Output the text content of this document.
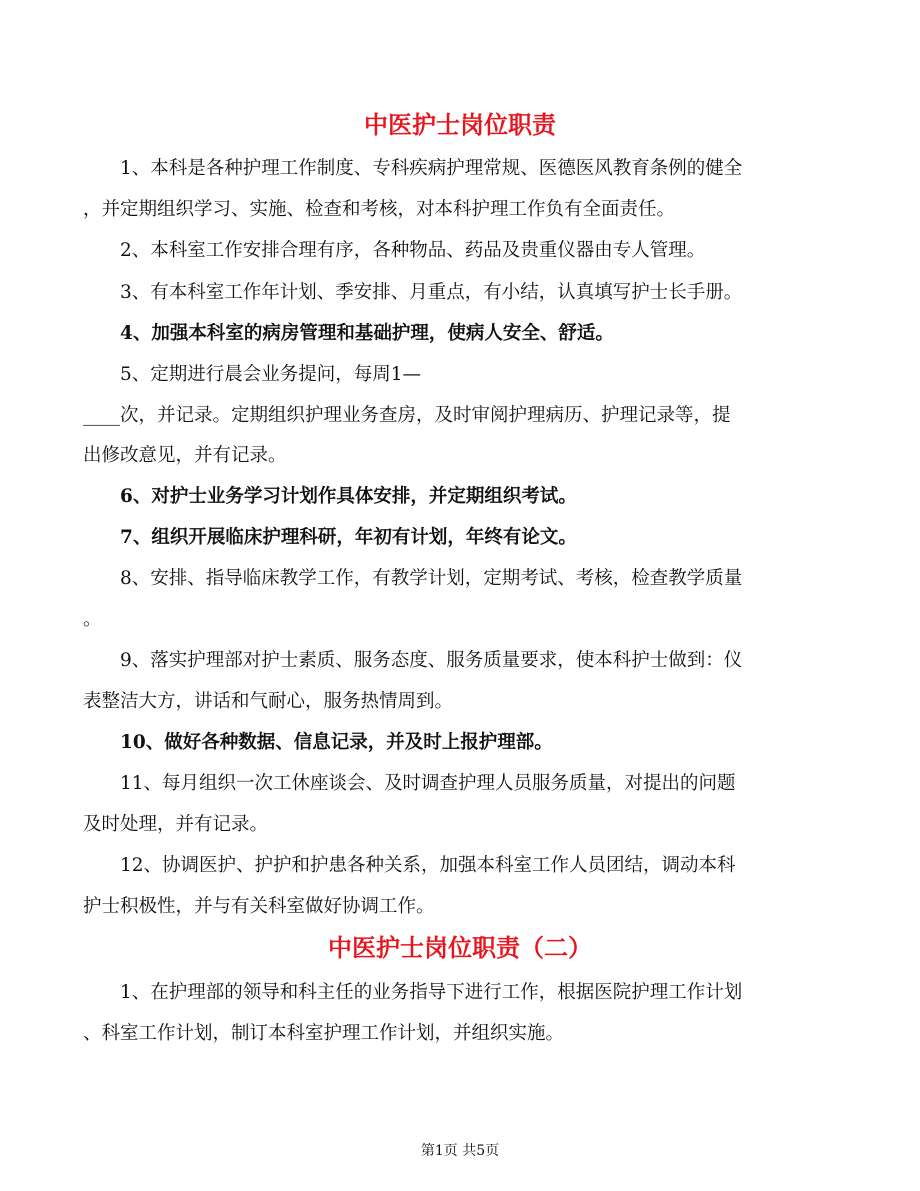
中医护士岗位职责

1、本科是各种护理工作制度、专科疾病护理常规、医德医风教育条例的健全

，并定期组织学习、实施、检查和考核，对本科护理工作负有全面责任。

2、本科室工作安排合理有序，各种物品、药品及贵重仪器由专人管理。

3、有本科室工作年计划、季安排、月重点，有小结，认真填写护士长手册。

4、加强本科室的病房管理和基础护理，使病人安全、舒适。

5、定期进行晨会业务提问，每周1—

____次，并记录。定期组织护理业务查房，及时审阅护理病历、护理记录等，提

出修改意见，并有记录。

6、对护士业务学习计划作具体安排，并定期组织考试。

7、组织开展临床护理科研，年初有计划，年终有论文。

8、安排、指导临床教学工作，有教学计划，定期考试、考核，检查教学质量

。

9、落实护理部对护士素质、服务态度、服务质量要求，使本科护士做到：仪

表整洁大方，讲话和气耐心，服务热情周到。

10、做好各种数据、信息记录，并及时上报护理部。

11、每月组织一次工休座谈会、及时调查护理人员服务质量，对提出的问题

及时处理，并有记录。

12、协调医护、护护和护患各种关系，加强本科室工作人员团结，调动本科

护士积极性，并与有关科室做好协调工作。

中医护士岗位职责（二）

1、在护理部的领导和科主任的业务指导下进行工作，根据医院护理工作计划

、科室工作计划，制订本科室护理工作计划，并组织实施。

第1页 共5页
